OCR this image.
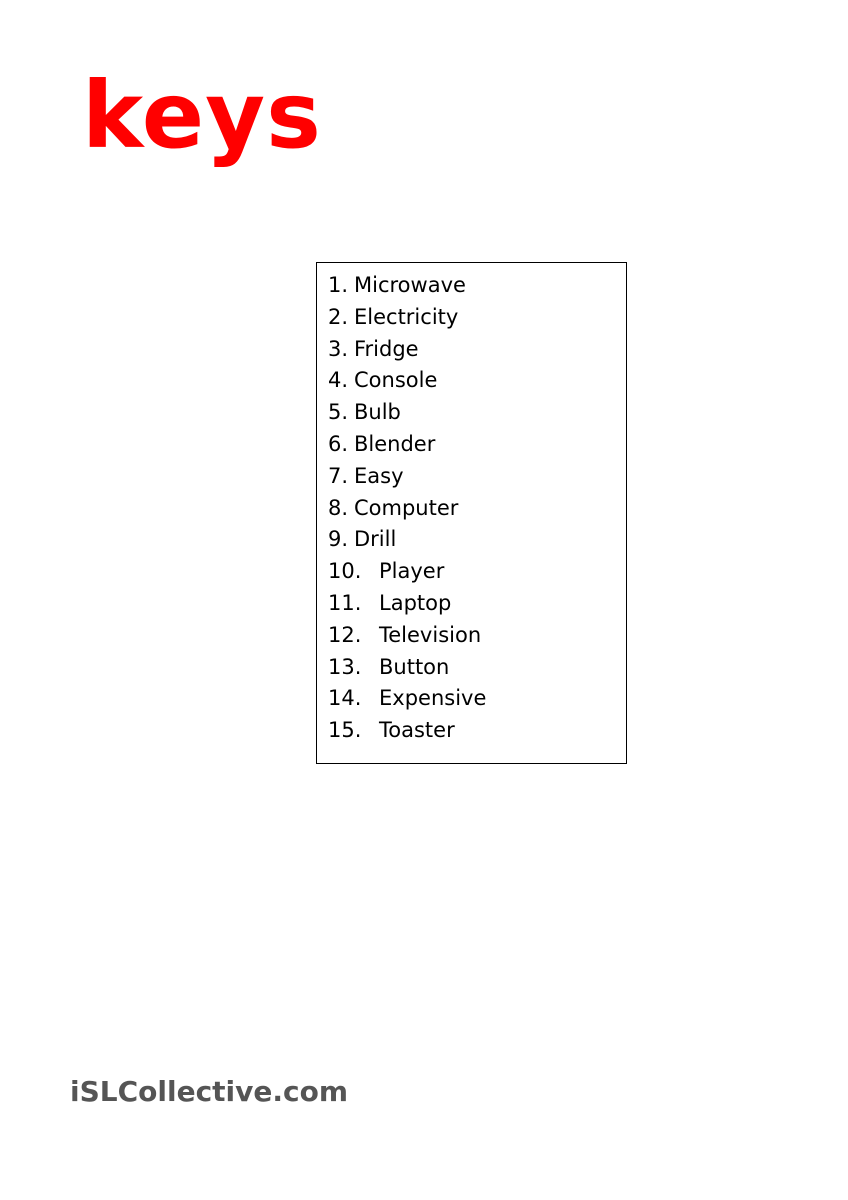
keys
1. Microwave
2. Electricity
3. Fridge
4. Console
5. Bulb
6. Blender
7. Easy
8. Computer
9. Drill
10. Player
11. Laptop
12. Television
13. Button
14. Expensive
15. Toaster
iSLCollective.com
